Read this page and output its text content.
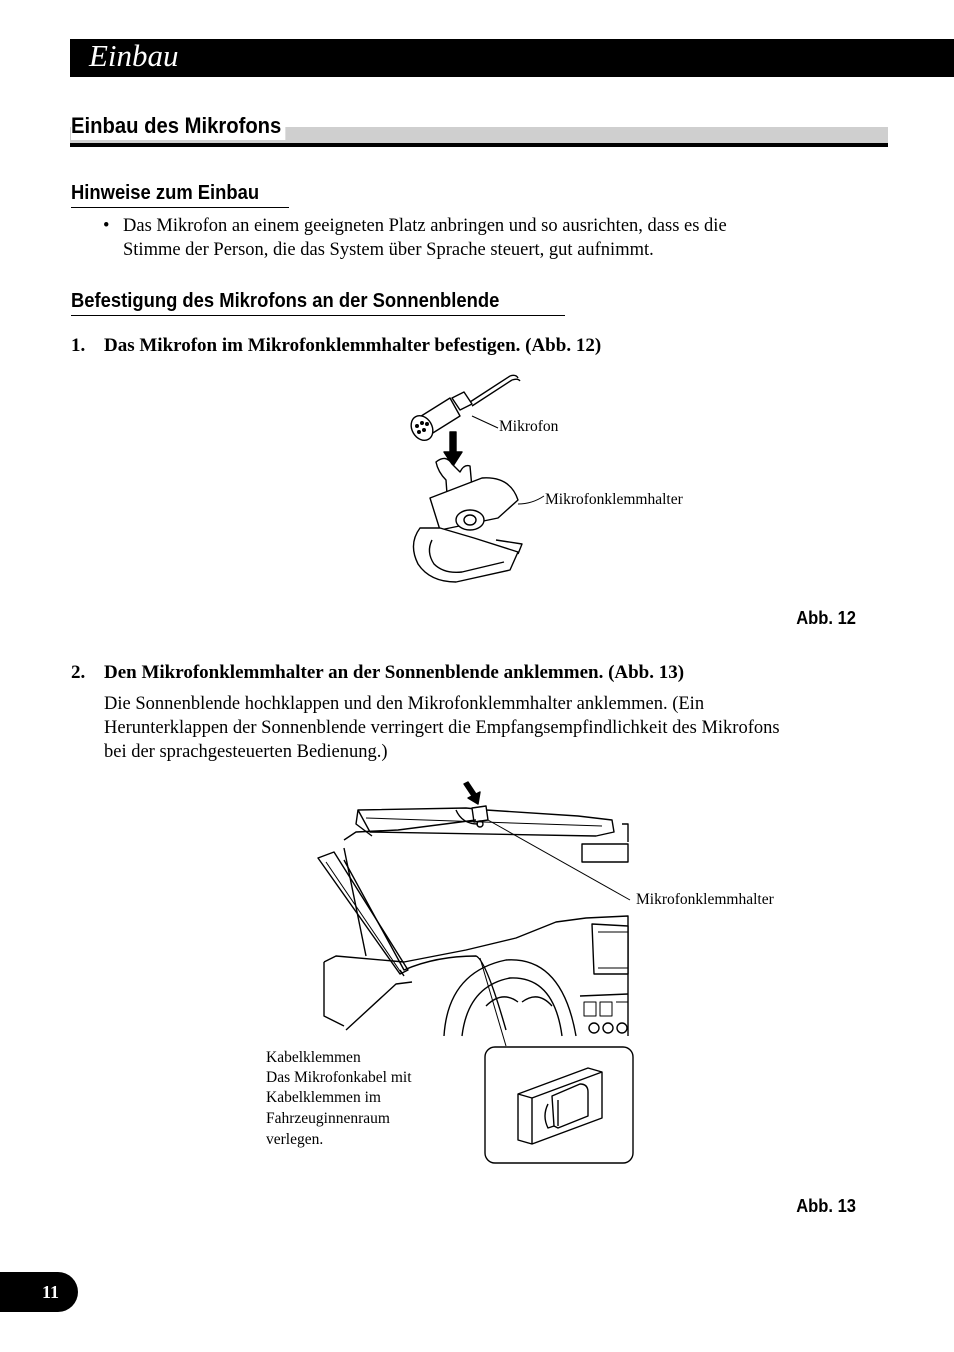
Einbau
Einbau des Mikrofons
Hinweise zum Einbau
• Das Mikrofon an einem geeigneten Platz anbringen und so ausrichten, dass es die

Stimme der Person, die das System über Sprache steuert, gut aufnimmt.

Befestigung des Mikrofons an der Sonnenblende
1. Das Mikrofon im Mikrofonklemmhalter befestigen. (Abb. 12)

Mikrofon

Mikrofonklemmhalter

Abb. 12

2. Den Mikrofonklemmhalter an der Sonnenblende anklemmen. (Abb. 13)

Die Sonnenblende hochklappen und den Mikrofonklemmhalter anklemmen. (Ein

Herunterklappen der Sonnenblende verringert die Empfangsempfindlichkeit des Mikrofons

bei der sprachgesteuerten Bedienung.)

Mikrofonklemmhalter

Kabelklemmen

Das Mikrofonkabel mit

Kabelklemmen im

Fahrzeuginnenraum

verlegen.

Abb. 13

11
